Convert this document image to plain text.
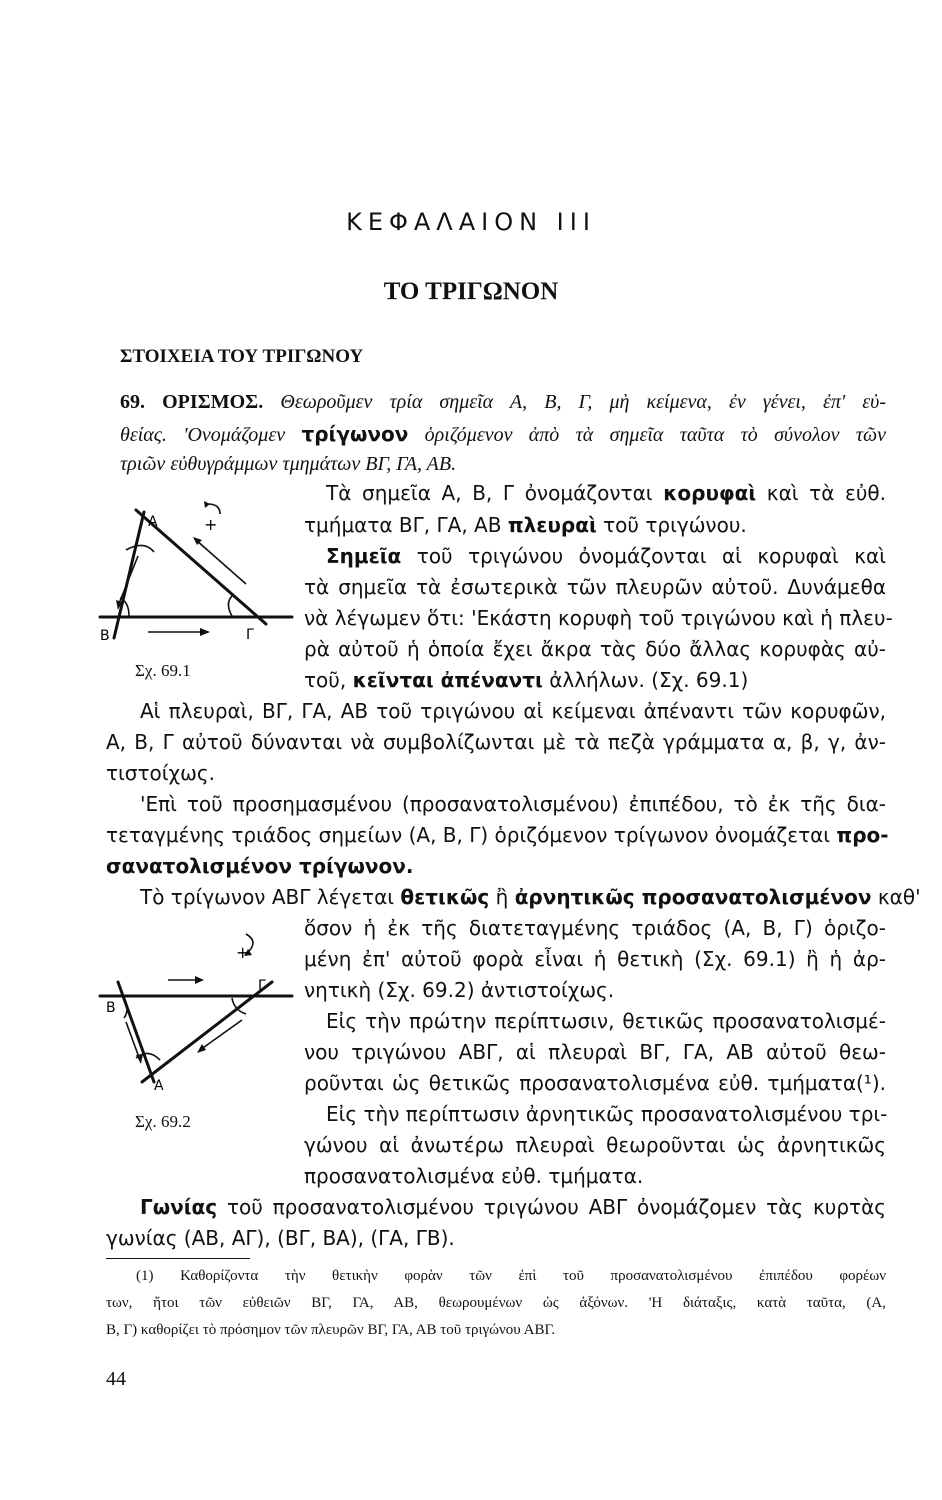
ΚΕΦΑΛΑΙΟΝ III
ΤΟ ΤΡΙΓΩΝΟΝ
ΣΤΟΙΧΕΙΑ ΤΟΥ ΤΡΙΓΩΝΟΥ
69. ΟΡΙΣΜΟΣ. Θεωροῦμεν τρία σημεῖα Α, Β, Γ, μὴ κείμενα, ἐν γένει, ἐπ' εὐ-
θείας. 'Ονομάζομεν τρίγωνον ὁριζόμενον ἀπὸ τὰ σημεῖα ταῦτα τὸ σύνολον τῶν
τριῶν εὐθυγράμμων τμημάτων ΒΓ, ΓΑ, ΑΒ.
Τὰ σημεῖα Α, Β, Γ ὀνομάζονται κορυφαὶ καὶ τὰ εὐθ.
τμήματα ΒΓ, ΓΑ, ΑΒ πλευραὶ τοῦ τριγώνου.
Σημεῖα τοῦ τριγώνου ὀνομάζονται αἱ κορυφαὶ καὶ
τὰ σημεῖα τὰ ἐσωτερικὰ τῶν πλευρῶν αὐτοῦ. Δυνάμεθα
νὰ λέγωμεν ὅτι: 'Εκάστη κορυφὴ τοῦ τριγώνου καὶ ἡ πλευ-
ρὰ αὐτοῦ ἡ ὁποία ἔχει ἄκρα τὰς δύο ἄλλας κορυφὰς αὐ-
τοῦ, κεῖνται ἀπέναντι ἀλλήλων. (Σχ. 69.1)
Α
Β	Γ
+
Σχ. 69.1
Αἱ πλευραὶ, ΒΓ, ΓΑ, ΑΒ τοῦ τριγώνου αἱ κείμεναι ἀπέναντι τῶν κορυφῶν,
Α, Β, Γ αὐτοῦ δύνανται νὰ συμβολίζωνται μὲ τὰ πεζὰ γράμματα α, β, γ, ἀν-
τιστοίχως.
'Επὶ τοῦ προσημασμένου (προσανατολισμένου) ἐπιπέδου, τὸ ἐκ τῆς δια-
τεταγμένης τριάδος σημείων (Α, Β, Γ) ὁριζόμενον τρίγωνον ὀνομάζεται προ-
σανατολισμένον τρίγωνον.
Τὸ τρίγωνον ΑΒΓ λέγεται θετικῶς ἢ ἀρνητικῶς προσανατολισμένον καθ'
ὅσον ἡ ἐκ τῆς διατεταγμένης τριάδος (Α, Β, Γ) ὁριζο-
μένη ἐπ' αὐτοῦ φορὰ εἶναι ἡ θετικὴ (Σχ. 69.1) ἢ ἡ ἀρ-
νητικὴ (Σχ. 69.2) ἀντιστοίχως.
Εἰς τὴν πρώτην περίπτωσιν, θετικῶς προσανατολισμέ-
νου τριγώνου ΑΒΓ, αἱ πλευραὶ ΒΓ, ΓΑ, ΑΒ αὐτοῦ θεω-
ροῦνται ὡς θετικῶς προσανατολισμένα εὐθ. τμήματα(¹).
Εἰς τὴν περίπτωσιν ἀρνητικῶς προσανατολισμένου τρι-
γώνου αἱ ἀνωτέρω πλευραὶ θεωροῦνται ὡς ἀρνητικῶς
προσανατολισμένα εὐθ. τμήματα.
Β
Γ
Α
+
Σχ. 69.2
Γωνίας τοῦ προσανατολισμένου τριγώνου ΑΒΓ ὀνομάζομεν τὰς κυρτὰς
γωνίας (ΑΒ, ΑΓ), (ΒΓ, ΒΑ), (ΓΑ, ΓΒ).
(1) Καθορίζοντα τὴν θετικὴν φορὰν τῶν ἐπὶ τοῦ προσανατολισμένου ἐπιπέδου φορέων
των, ἤτοι τῶν εὐθειῶν ΒΓ, ΓΑ, ΑΒ, θεωρουμένων ὡς ἀξόνων. 'Η διάταξις, κατὰ ταῦτα, (Α,
Β, Γ) καθορίζει τὸ πρόσημον τῶν πλευρῶν ΒΓ, ΓΑ, ΑΒ τοῦ τριγώνου ΑΒΓ.
44
